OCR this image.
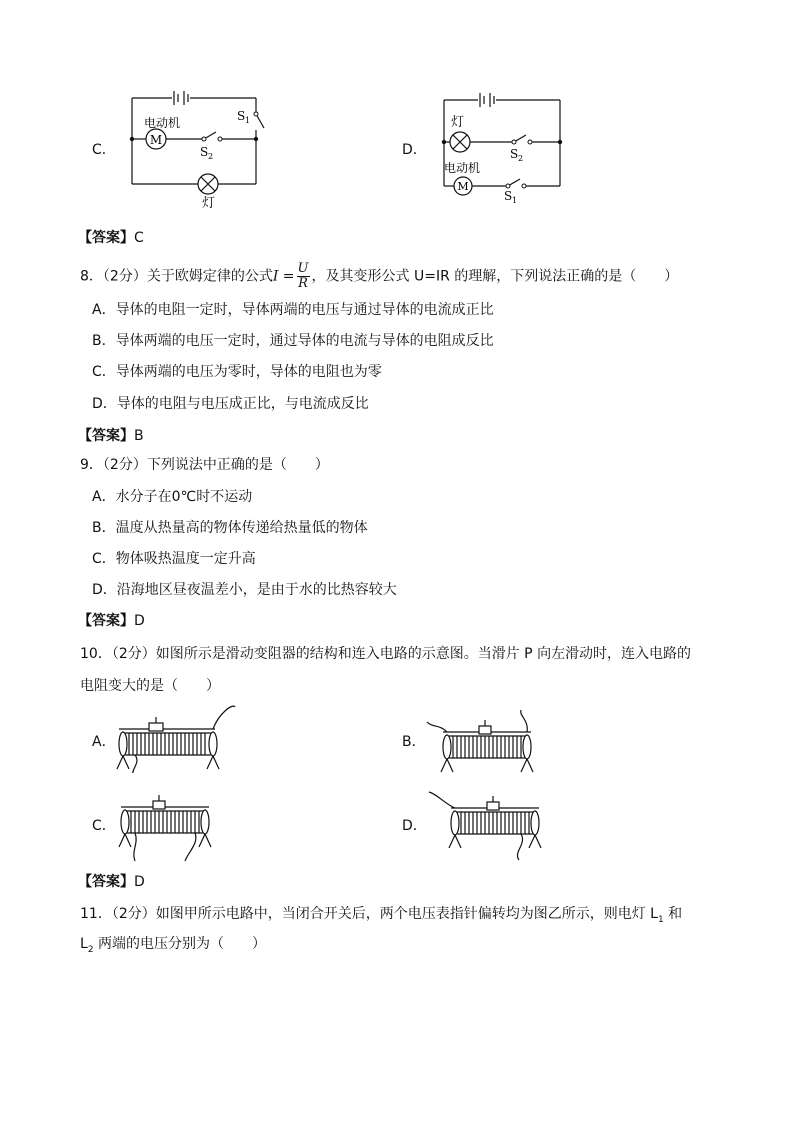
C．
M
电动机	S 1
S 2
灯
D．
灯
电动机
M
S 2
S 1
【答案】C
8．（2分）关于欧姆定律的公式$I = \frac{U}{R}$ ，及其变形公式 U=IR 的理解，下列说法正确的是（　　）
A．导体的电阻一定时，导体两端的电压与通过导体的电流成正比
B．导体两端的电压一定时，通过导体的电流与导体的电阻成反比
C．导体两端的电压为零时，导体的电阻也为零
D．导体的电阻与电压成正比，与电流成反比
【答案】B
9．（2分）下列说法中正确的是（　　）
A．水分子在0℃时不运动
B．温度从热量高的物体传递给热量低的物体
C．物体吸热温度一定升高
D．沿海地区昼夜温差小，是由于水的比热容较大
【答案】D
10．（2分）如图所示是滑动变阻器的结构和连入电路的示意图。当滑片 P 向左滑动时，连入电路的
电阻变大的是（　　）
A．	B．
C．	D．
【答案】D
11．（2分）如图甲所示电路中，当闭合开关后，两个电压表指针偏转均为图乙所示，则电灯 $L_1$ 和
$L_2$ 两端的电压分别为（　　）
